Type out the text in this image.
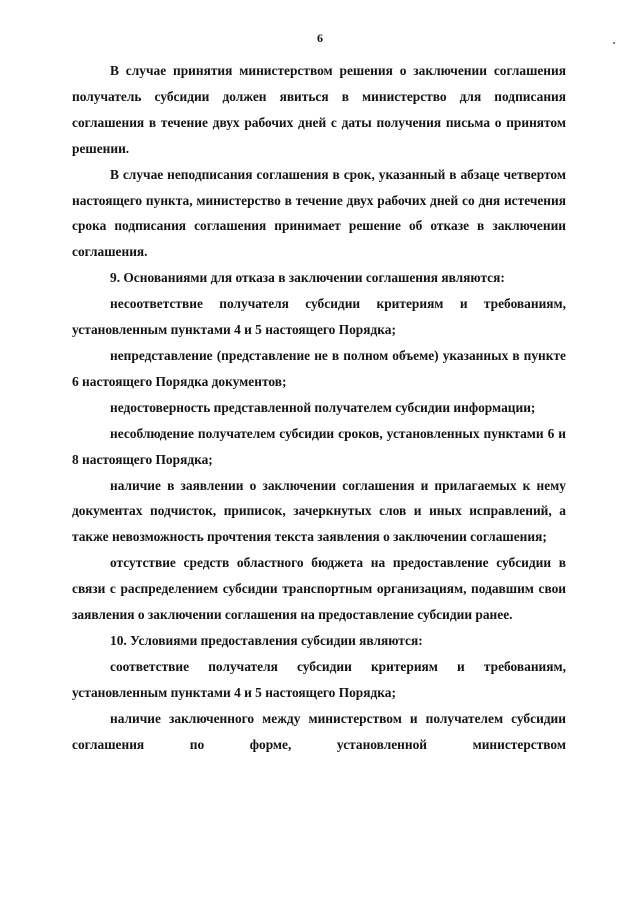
6

В случае принятия министерством решения о заключении соглашения получатель субсидии должен явиться в министерство для подписания соглашения в течение двух рабочих дней с даты получения письма о принятом решении.

В случае неподписания соглашения в срок, указанный в абзаце четвертом настоящего пункта, министерство в течение двух рабочих дней со дня истечения срока подписания соглашения принимает решение об отказе в заключении соглашения.

9. Основаниями для отказа в заключении соглашения являются:

несоответствие получателя субсидии критериям и требованиям, установленным пунктами 4 и 5 настоящего Порядка;

непредставление (представление не в полном объеме) указанных в пункте 6 настоящего Порядка документов;

недостоверность представленной получателем субсидии информации;

несоблюдение получателем субсидии сроков, установленных пунктами 6 и 8 настоящего Порядка;

наличие в заявлении о заключении соглашения и прилагаемых к нему документах подчисток, приписок, зачеркнутых слов и иных исправлений, а также невозможность прочтения текста заявления о заключении соглашения;

отсутствие средств областного бюджета на предоставление субсидии в связи с распределением субсидии транспортным организациям, подавшим свои заявления о заключении соглашения на предоставление субсидии ранее.

10. Условиями предоставления субсидии являются:

соответствие получателя субсидии критериям и требованиям, установленным пунктами 4 и 5 настоящего Порядка;

наличие заключенного между министерством и получателем субсидии соглашения по форме, установленной министерством
